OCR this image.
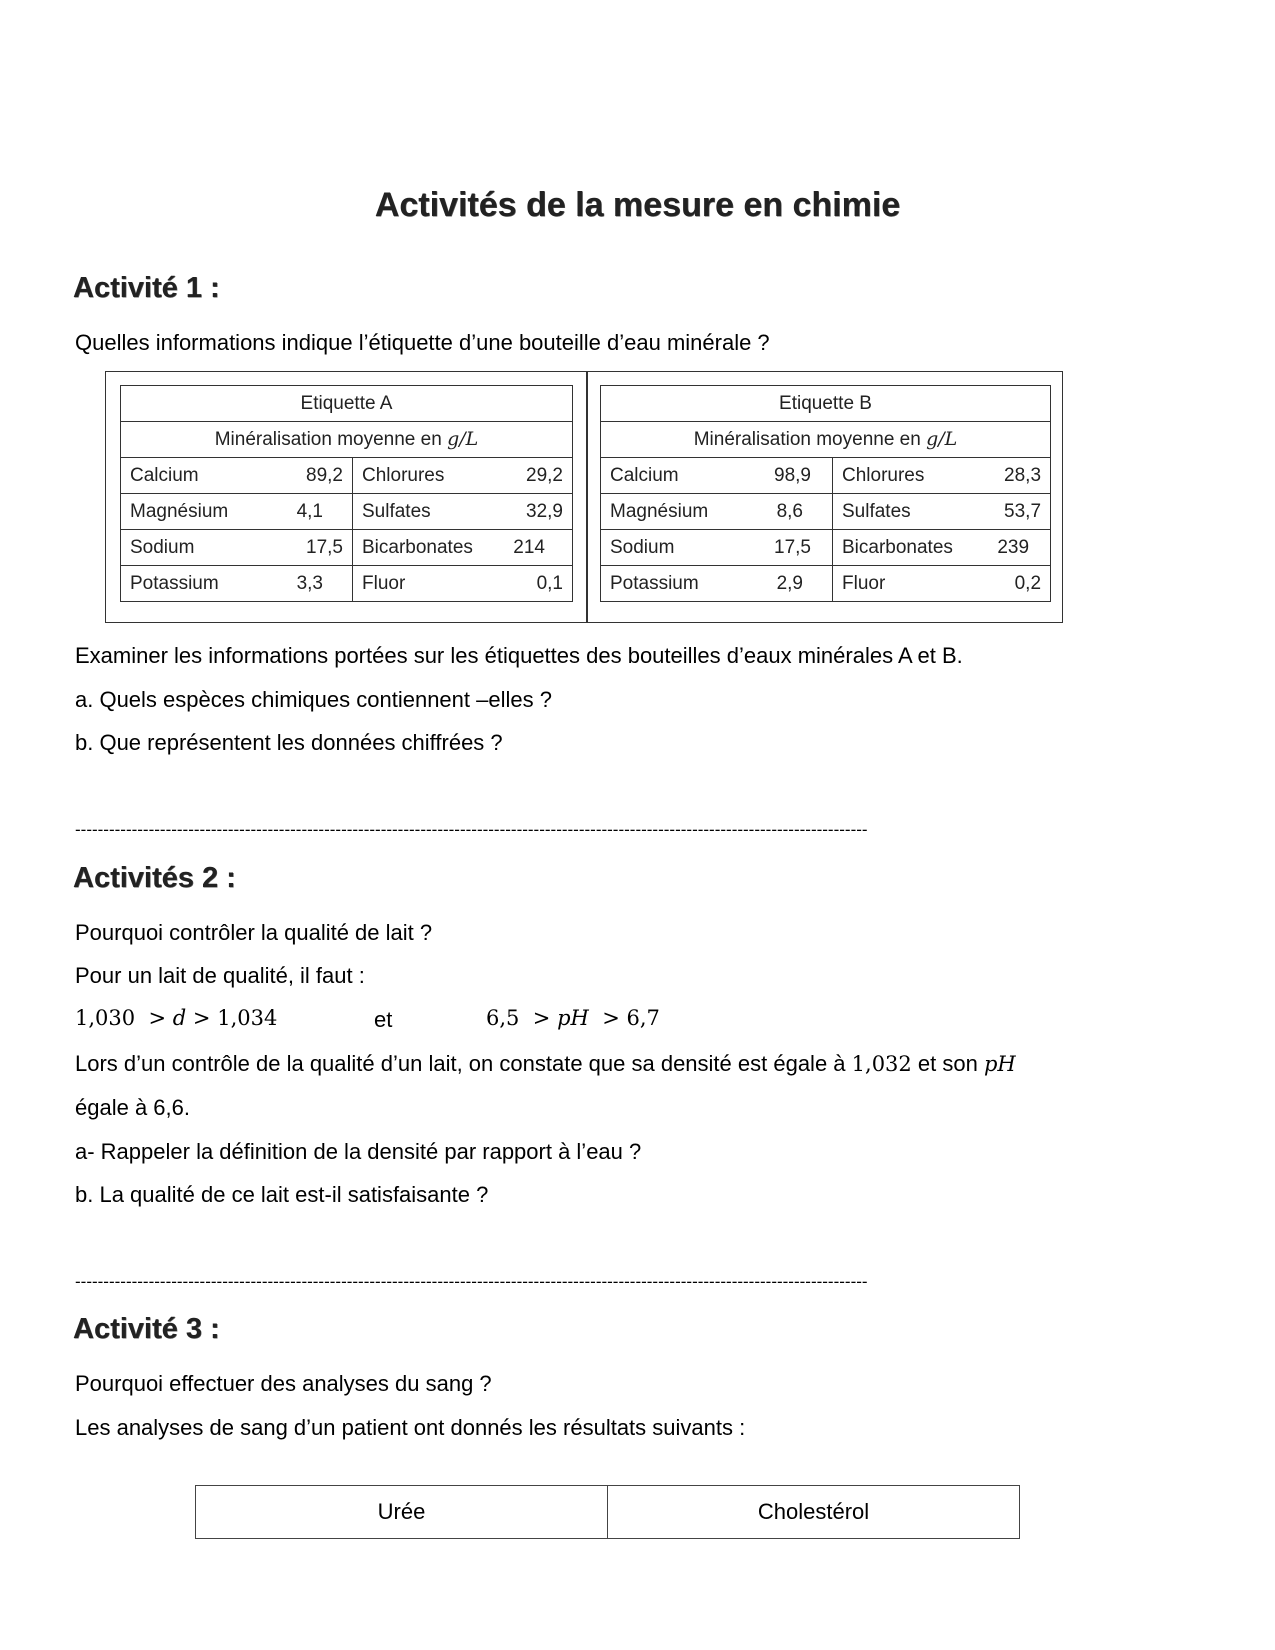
Activités de la mesure en chimie
Activité 1 :
Quelles informations indique l’étiquette d’une bouteille d’eau minérale ?
Etiquette A	
Minéralisation moyenne en g/L	

Calcium 89,2	Chlorures 29,2

Magnésium 4,1	Sulfates 32,9

Sodium 17,5	Bicarbonates 214

Potassium 3,3	Fluor 0,1
Etiquette B	
Minéralisation moyenne en g/L	

Calcium 98,9	Chlorures 28,3

Magnésium 8,6	Sulfates 53,7

Sodium 17,5	Bicarbonates 239

Potassium 2,9	Fluor 0,2
Examiner les informations portées sur les étiquettes des bouteilles d’eaux minérales A et B.
a. Quels espèces chimiques contiennent –elles ?
b. Que représentent les données chiffrées ?
--------------------------------------------------------------------------------------------------------------------------------------------
Activités 2 :
Pourquoi contrôler la qualité de lait ?
Pour un lait de qualité, il faut :
1,030 > d > 1,034	et	6,5 > pH > 6,7
Lors d’un contrôle de la qualité d’un lait, on constate que sa densité est égale à 1,032 et son pH
égale à 6,6.
a- Rappeler la définition de la densité par rapport à l’eau ?
b. La qualité de ce lait est-il satisfaisante ?
--------------------------------------------------------------------------------------------------------------------------------------------
Activité 3 :
Pourquoi effectuer des analyses du sang ?
Les analyses de sang d’un patient ont donnés les résultats suivants :
Urée	Cholestérol
